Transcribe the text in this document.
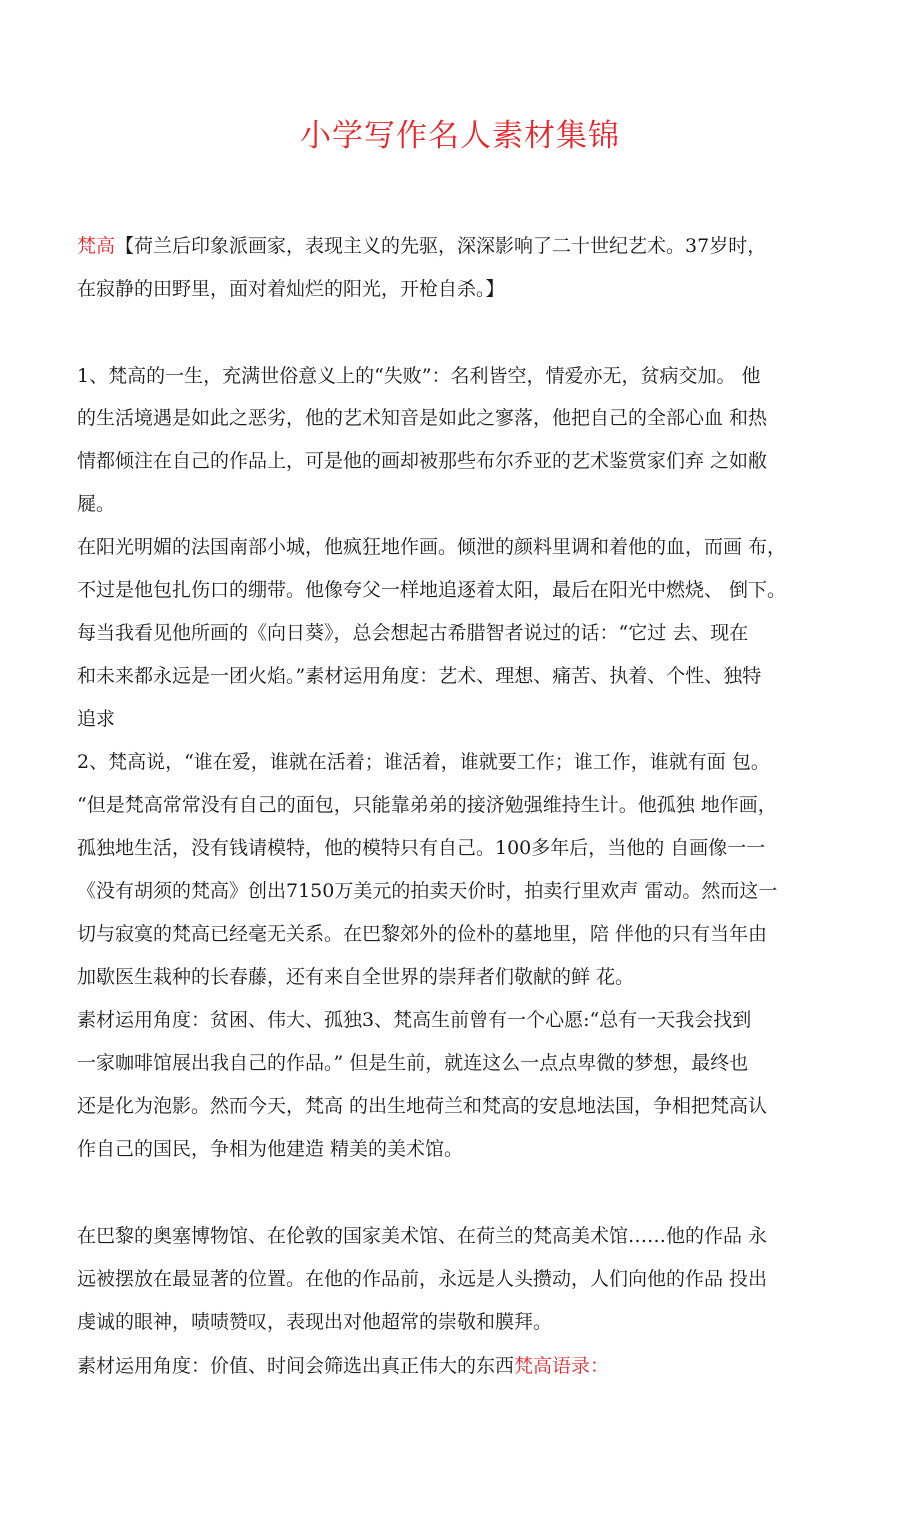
小学写作名人素材集锦
梵高【荷兰后印象派画家，表现主义的先驱，深深影响了二十世纪艺术。37岁时，
在寂静的田野里，面对着灿烂的阳光，开枪自杀。】
1、梵高的一生，充满世俗意义上的“失败”：名利皆空，情爱亦无，贫病交加。 他
的生活境遇是如此之恶劣，他的艺术知音是如此之寥落，他把自己的全部心血 和热
情都倾注在自己的作品上，可是他的画却被那些布尔乔亚的艺术鉴赏家们弃 之如敝
屣。
在阳光明媚的法国南部小城，他疯狂地作画。倾泄的颜料里调和着他的血，而画 布，
不过是他包扎伤口的绷带。他像夸父一样地追逐着太阳，最后在阳光中燃烧、 倒下。
每当我看见他所画的《向日葵》，总会想起古希腊智者说过的话：“它过 去、现在
和未来都永远是一团火焰。”素材运用角度：艺术、理想、痛苦、执着、个性、独特
追求
2、梵高说，“谁在爱，谁就在活着；谁活着，谁就要工作；谁工作，谁就有面 包。
“但是梵高常常没有自己的面包，只能靠弟弟的接济勉强维持生计。他孤独 地作画，
孤独地生活，没有钱请模特，他的模特只有自己。100多年后，当他的 自画像一一
《没有胡须的梵高》创出7150万美元的拍卖天价时，拍卖行里欢声 雷动。然而这一
切与寂寞的梵高已经毫无关系。在巴黎郊外的俭朴的墓地里，陪 伴他的只有当年由
加歇医生栽种的长春藤，还有来自全世界的崇拜者们敬献的鲜 花。
素材运用角度：贫困、伟大、孤独3、梵高生前曾有一个心愿:“总有一天我会找到
一家咖啡馆展出我自己的作品。” 但是生前，就连这么一点点卑微的梦想，最终也
还是化为泡影。然而今天，梵高 的出生地荷兰和梵高的安息地法国，争相把梵高认
作自己的国民，争相为他建造 精美的美术馆。
在巴黎的奥塞博物馆、在伦敦的国家美术馆、在荷兰的梵高美术馆……他的作品 永
远被摆放在最显著的位置。在他的作品前，永远是人头攒动，人们向他的作品 投出
虔诚的眼神，啧啧赞叹，表现出对他超常的崇敬和膜拜。
素材运用角度：价值、时间会筛选出真正伟大的东西梵高语录：
